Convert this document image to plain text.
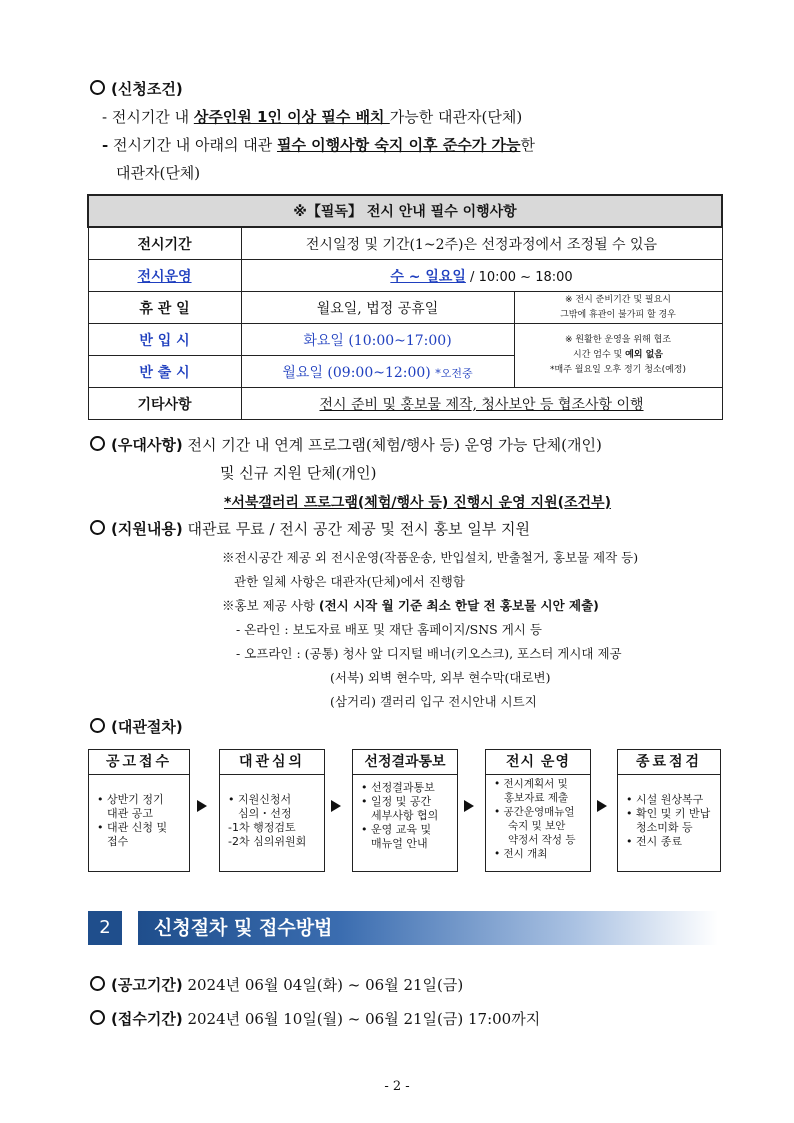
(신청조건)
- 전시기간 내 상주인원 1인 이상 필수 배치 가능한 대관자(단체)
- 전시기간 내 아래의 대관 필수 이행사항 숙지 이후 준수가 가능한
대관자(단체)
※【필독】 전시 안내 필수 이행사항		
전시기간	전시일정 및 기간(1~2주)은 선정과정에서 조정될 수 있음	
전시운영	수 ~ 일요일 / 10:00 ~ 18:00	
휴 관 일	월요일, 법정 공휴일	※ 전시 준비기간 및 필요시
그밖에 휴관이 불가피 할 경우

반 입 시	화요일 (10:00~17:00)	※ 원활한 운영을 위해 협조
시간 엄수 및 예외 없음
*매주 월요일 오후 정기 청소(예정)

반 출 시	월요일 (09:00~12:00) *오전중	
기타사항	전시 준비 및 홍보물 제작, 청사보안 등 협조사항 이행	
(우대사항) 전시 기간 내 연계 프로그램(체험/행사 등) 운영 가능 단체(개인)
및 신규 지원 단체(개인)
*서북갤러리 프로그램(체험/행사 등) 진행시 운영 지원(조건부)
(지원내용) 대관료 무료 / 전시 공간 제공 및 전시 홍보 일부 지원
※전시공간 제공 외 전시운영(작품운송, 반입설치, 반출철거, 홍보물 제작 등)
관한 일체 사항은 대관자(단체)에서 진행함
※홍보 제공 사항 (전시 시작 월 기준 최소 한달 전 홍보물 시안 제출)
- 온라인 : 보도자료 배포 및 재단 홈페이지/SNS 게시 등
- 오프라인 : (공통) 청사 앞 디지털 배너(키오스크), 포스터 게시대 제공
(서북) 외벽 현수막, 외부 현수막(대로변)
(삼거리) 갤러리 입구 전시안내 시트지
(대관절차)
공고접수
• 상반기 정기
대관 공고
• 대관 신청 및
접수
대관심의
• 지원신청서
심의・선정
-1차 행정검토
-2차 심의위원회
선정결과통보
• 선정결과통보
• 일정 및 공간
세부사항 협의
• 운영 교육 및
매뉴얼 안내
전시 운영
• 전시계획서 및
홍보자료 제출
• 공간운영매뉴얼
숙지 및 보안
약정서 작성 등
• 전시 개최
종료점검
• 시설 원상복구
• 확인 및 키 반납
청소미화 등
• 전시 종료
2	신청절차 및 접수방법
(공고기간) 2024년 06월 04일(화) ~ 06월 21일(금)
(접수기간) 2024년 06월 10일(월) ~ 06월 21일(금) 17:00까지
- 2 -
